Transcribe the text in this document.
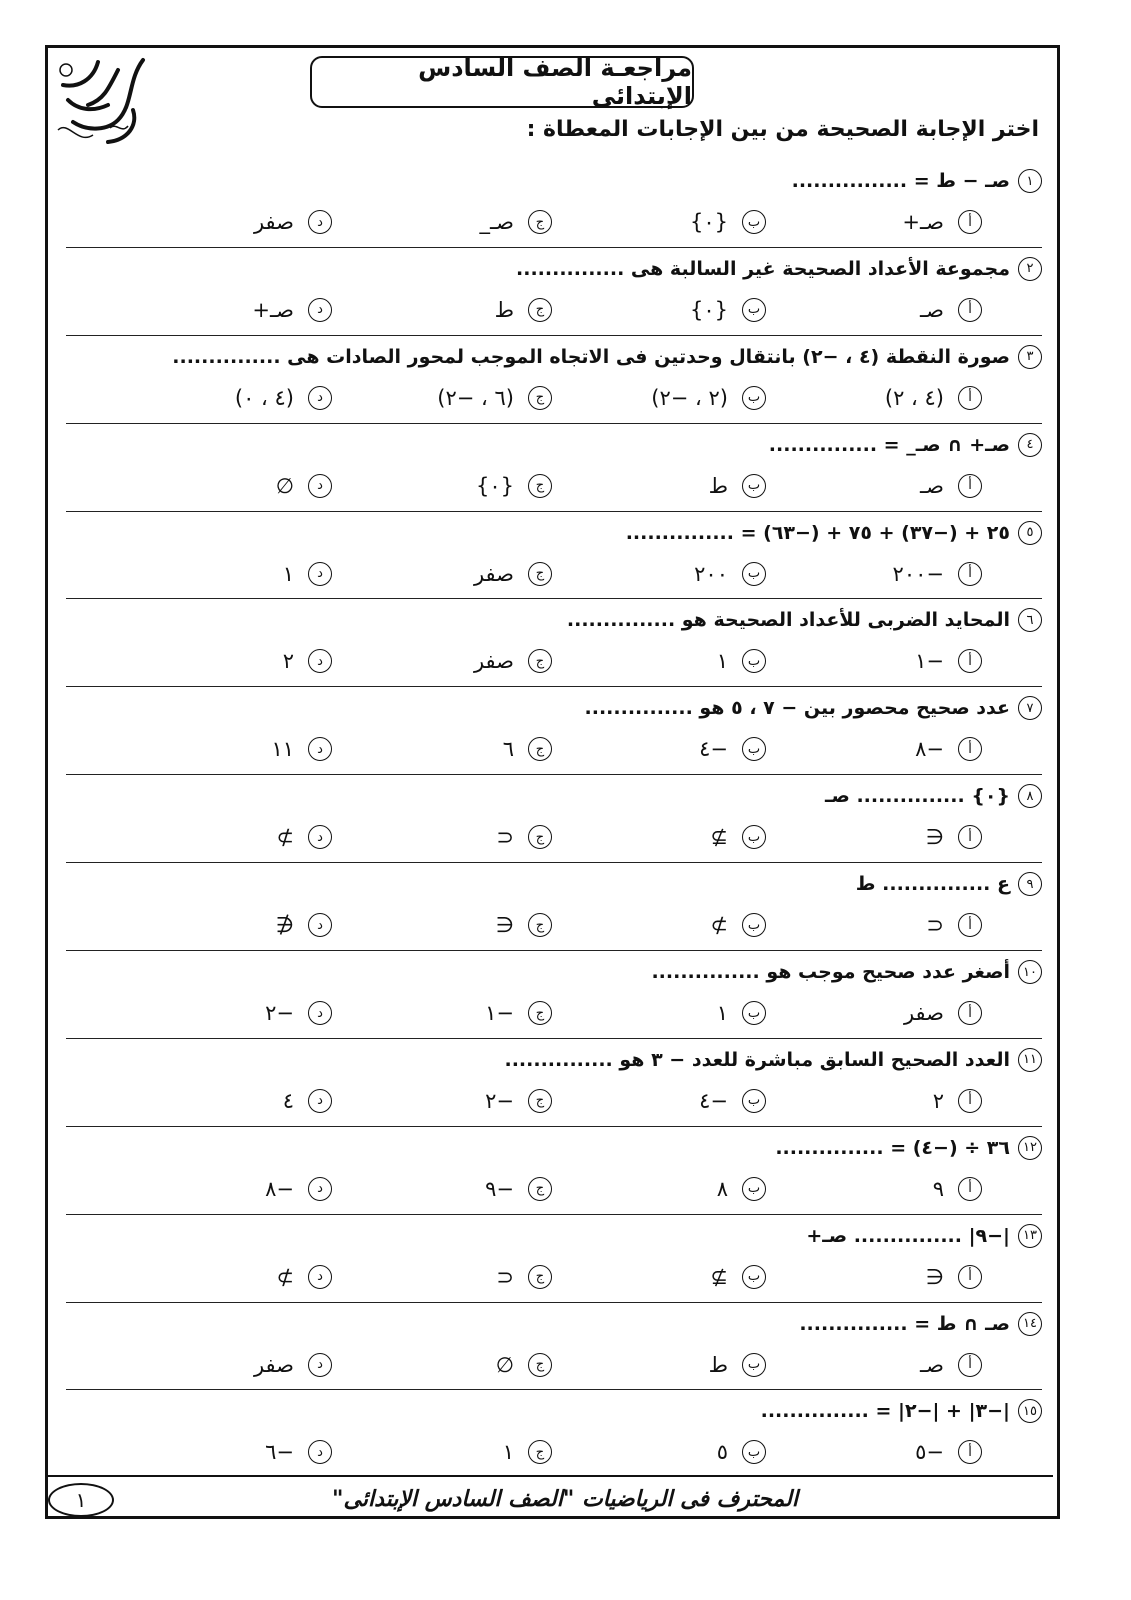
مراجعـة الصف السادس الإبتدائى
اختر الإجابة الصحيحة من بين الإجابات المعطاة :
١
صـ − ط = ................
أ
صـ+
ب
{٠}
ج
صـ_
د
صفر
٢
مجموعة الأعداد الصحيحة غير السالبة هى ...............
أ
صـ
ب
{٠}
ج
ط
د
صـ+
٣
صورة النقطة (٤ ، −٢) بانتقال وحدتين فى الاتجاه الموجب لمحور الصادات هى ...............
أ
(٤ ، ٢)
ب
(٢ ، −٢)
ج
(٦ ، −٢)
د
(٤ ، ٠)
٤
صـ+ ∩ صـ_ = ...............
أ
صـ
ب
ط
ج
{٠}
د
∅
٥
٢٥ + (−٣٧) + ٧٥ + (−٦٣) = ...............
أ
−٢٠٠
ب
٢٠٠
ج
صفر
د
١
٦
المحايد الضربى للأعداد الصحيحة هو ...............
أ
−١
ب
١
ج
صفر
د
٢
٧
عدد صحيح محصور بين − ٧ ، ٥ هو ...............
أ
−٨
ب
−٤
ج
٦
د
١١
٨
{٠} ............... صـ
أ
∈
ب
⊉
ج
⊂
د
⊅
٩
ع ............... ط
أ
⊂
ب
⊅
ج
∈
د
∉
١٠
أصغر عدد صحيح موجب هو ...............
أ
صفر
ب
١
ج
−١
د
−٢
١١
العدد الصحيح السابق مباشرة للعدد − ٣ هو ...............
أ
٢
ب
−٤
ج
−٢
د
٤
١٢
٣٦ ÷ (−٤) = ...............
أ
٩
ب
٨
ج
−٩
د
−٨
١٣
|−٩| ............... صـ+
أ
∈
ب
⊉
ج
⊂
د
⊅
١٤
صـ ∩ ط = ...............
أ
صـ
ب
ط
ج
∅
د
صفر
١٥
|−٣| + |−٢| = ...............
أ
−٥
ب
٥
ج
١
د
−٦
١	المحترف فى الرياضيات "الصف السادس الإبتدائى"
